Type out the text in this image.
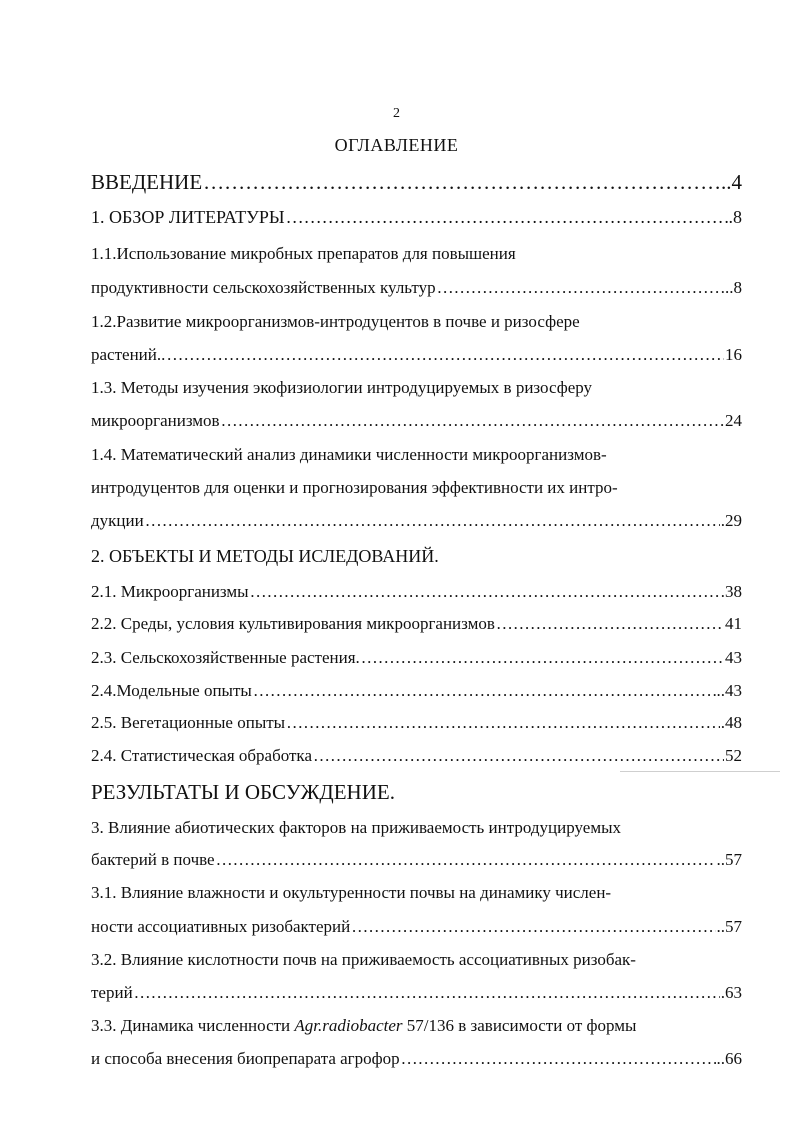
2
ОГЛАВЛЕНИЕ
ВВЕДЕНИЕ …………………………………………………………………………………………………………………………………………………………………………………………………………………	..4
1. ОБЗОР ЛИТЕРАТУРЫ …………………………………………………………………………………………………………………………………………………………………………………………………………………	.8
1.1.Использование микробных препаратов для повышения
продуктивности сельскохозяйственных культур …………………………………………………………………………………………………………………………………………………………………………………………………………………	..8
1.2.Развитие микроорганизмов-интродуцентов в почве и ризосфере
растений.. …………………………………………………………………………………………………………………………………………………………………………………………………………………	16
1.3. Методы изучения экофизиологии интродуцируемых в ризосферу
микроорганизмов …………………………………………………………………………………………………………………………………………………………………………………………………………………	24
1.4. Математический анализ динамики численности микроорганизмов-
интродуцентов для оценки и прогнозирования эффективности их интро-
дукции …………………………………………………………………………………………………………………………………………………………………………………………………………………	.29
2. ОБЪЕКТЫ И МЕТОДЫ ИСЛЕДОВАНИЙ.
2.1. Микроорганизмы …………………………………………………………………………………………………………………………………………………………………………………………………………………	38
2.2. Среды, условия культивирования микроорганизмов …………………………………………………………………………………………………………………………………………………………………………………………………………………	41
2.3. Сельскохозяйственные растения. …………………………………………………………………………………………………………………………………………………………………………………………………………………	43
2.4.Модельные опыты …………………………………………………………………………………………………………………………………………………………………………………………………………………	..43
2.5. Вегетационные опыты …………………………………………………………………………………………………………………………………………………………………………………………………………………	.48
2.4. Статистическая обработка …………………………………………………………………………………………………………………………………………………………………………………………………………………	52
РЕЗУЛЬТАТЫ И ОБСУЖДЕНИЕ.
3. Влияние абиотических факторов на приживаемость интродуцируемых
бактерий в почве …………………………………………………………………………………………………………………………………………………………………………………………………………………	..57
3.1. Влияние влажности и окультуренности почвы на динамику числен-
ности ассоциативных ризобактерий …………………………………………………………………………………………………………………………………………………………………………………………………………………	..57
3.2. Влияние кислотности почв на приживаемость ассоциативных ризобак-
терий …………………………………………………………………………………………………………………………………………………………………………………………………………………	.63
3.3. Динамика численности Agr.radiobacter 57/136 в зависимости от формы
и способа внесения биопрепарата агрофор …………………………………………………………………………………………………………………………………………………………………………………………………………………	..66
